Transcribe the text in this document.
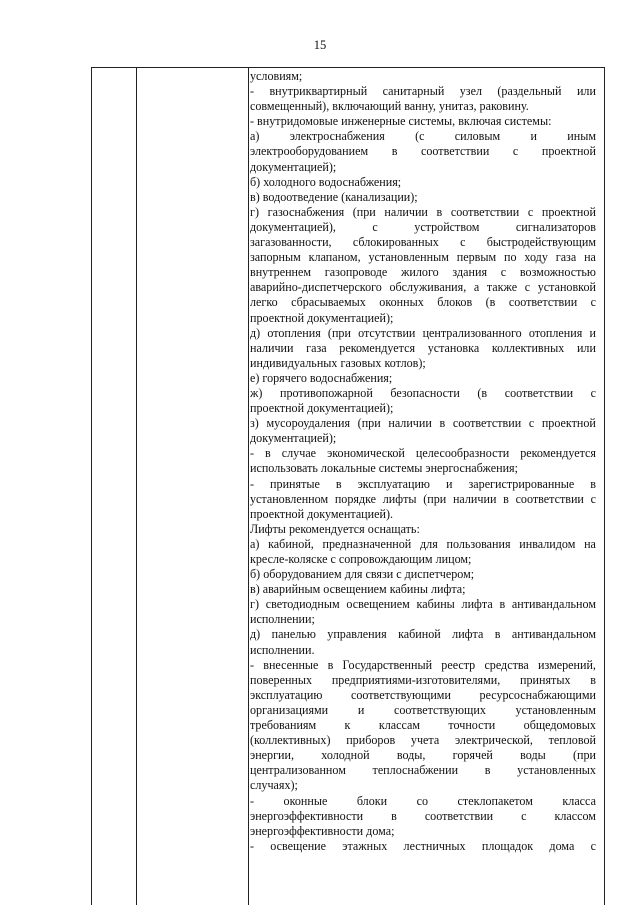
15
условиям;
- внутриквартирный санитарный узел (раздельный или
совмещенный), включающий ванну, унитаз, раковину.
- внутридомовые инженерные системы, включая системы:
а)	электроснабжения	(с	силовым	и	иным
электрооборудованием в соответствии с проектной
документацией);
б) холодного водоснабжения;
в) водоотведение (канализации);
г) газоснабжения (при наличии в соответствии с проектной
документацией),	с	устройством	сигнализаторов
загазованности, сблокированных с быстродействующим
запорным клапаном, установленным первым по ходу газа на
внутреннем газопроводе жилого здания с возможностью
аварийно-диспетчерского обслуживания, а также с установкой
легко сбрасываемых оконных блоков (в соответствии с
проектной документацией);
д) отопления (при отсутствии централизованного отопления и
наличии газа рекомендуется установка коллективных или
индивидуальных газовых котлов);
е) горячего водоснабжения;
ж) противопожарной безопасности (в соответствии с
проектной документацией);
з) мусороудаления (при наличии в соответствии с проектной
документацией);
- в случае экономической целесообразности рекомендуется
использовать локальные системы энергоснабжения;
- принятые в эксплуатацию и зарегистрированные в
установленном порядке лифты (при наличии в соответствии с
проектной документацией).
Лифты рекомендуется оснащать:
а) кабиной, предназначенной для пользования инвалидом на
кресле-коляске с сопровождающим лицом;
б) оборудованием для связи с диспетчером;
в) аварийным освещением кабины лифта;
г) светодиодным освещением кабины лифта в антивандальном
исполнении;
д) панелью управления кабиной лифта в антивандальном
исполнении.
- внесенные в Государственный реестр средства измерений,
поверенных предприятиями-изготовителями, принятых в
эксплуатацию соответствующими ресурсоснабжающими
организациями и соответствующих установленным
требованиям к классам точности общедомовых
(коллективных) приборов учета электрической, тепловой
энергии, холодной воды, горячей воды (при
централизованном теплоснабжении в установленных
случаях);
- оконные блоки со стеклопакетом класса
энергоэффективности в соответствии с классом
энергоэффективности дома;
- освещение этажных лестничных площадок дома с
